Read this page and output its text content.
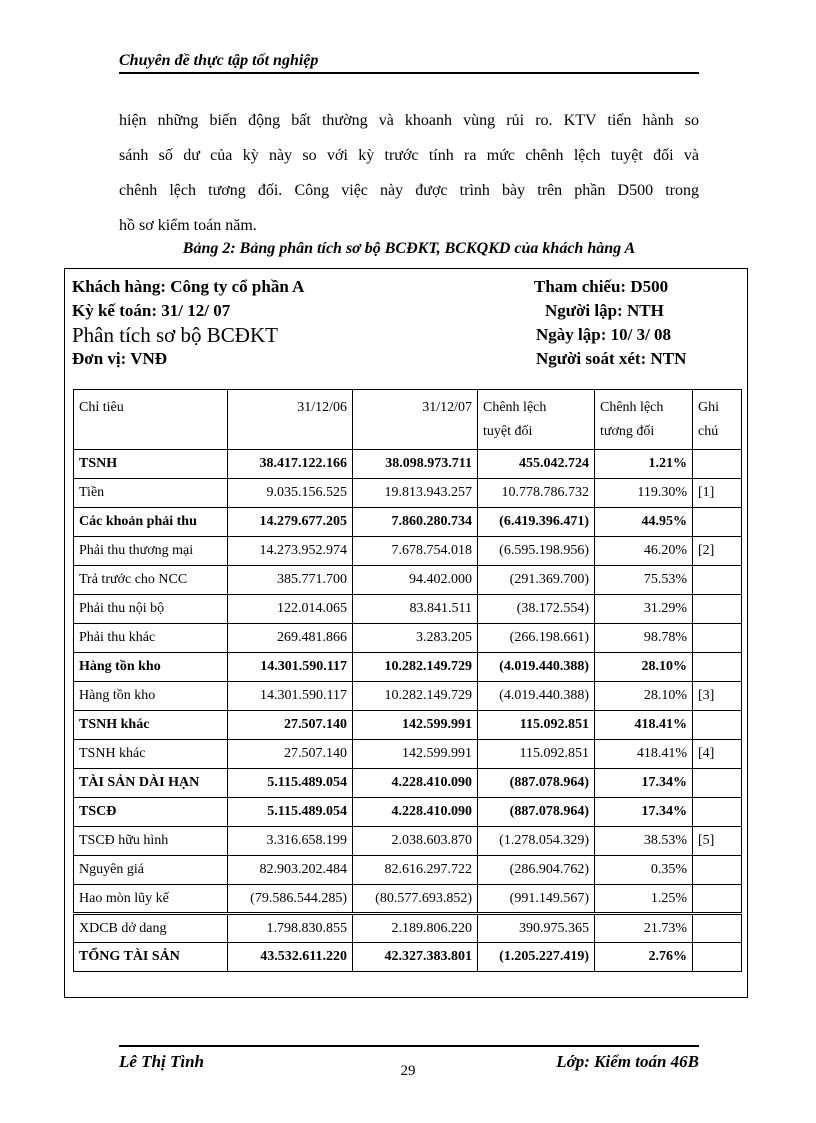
Chuyên đề thực tập tốt nghiệp
hiện những biến động bất thường và khoanh vùng rủi ro. KTV tiến hành so
sánh số dư của kỳ này so với kỳ trước tính ra mức chênh lệch tuyệt đối và
chênh lệch tương đối. Công việc này được trình bày trên phần D500 trong
hồ sơ kiểm toán năm.
Bảng 2: Bảng phân tích sơ bộ BCĐKT, BCKQKD của khách hàng A
Khách hàng: Công ty cổ phần A
Kỳ kế toán: 31/ 12/ 07
Phân tích sơ bộ BCĐKT
Đơn vị: VNĐ
Tham chiếu: D500
Người lập: NTH
Ngày lập: 10/ 3/ 08
Người soát xét: NTN
Chỉ tiêu	31/12/06	31/12/07	Chênh lệch
tuyệt đối	Chênh lệch
tương đối	Ghi
chú
TSNH	38.417.122.166	38.098.973.711	455.042.724	1.21%	
Tiền	9.035.156.525	19.813.943.257	10.778.786.732	119.30%	[1]
Các khoản phải thu	14.279.677.205	7.860.280.734	(6.419.396.471)	44.95%	
Phải thu thương mại	14.273.952.974	7.678.754.018	(6.595.198.956)	46.20%	[2]
Trả trước cho NCC	385.771.700	94.402.000	(291.369.700)	75.53%	
Phải thu nội bộ	122.014.065	83.841.511	(38.172.554)	31.29%	
Phải thu khác	269.481.866	3.283.205	(266.198.661)	98.78%	
Hàng tồn kho	14.301.590.117	10.282.149.729	(4.019.440.388)	28.10%	
Hàng tồn kho	14.301.590.117	10.282.149.729	(4.019.440.388)	28.10%	[3]
TSNH khác	27.507.140	142.599.991	115.092.851	418.41%	
TSNH khác	27.507.140	142.599.991	115.092.851	418.41%	[4]
TÀI SẢN DÀI HẠN	5.115.489.054	4.228.410.090	(887.078.964)	17.34%	
TSCĐ	5.115.489.054	4.228.410.090	(887.078.964)	17.34%	
TSCĐ hữu hình	3.316.658.199	2.038.603.870	(1.278.054.329)	38.53%	[5]
Nguyên giá	82.903.202.484	82.616.297.722	(286.904.762)	0.35%	
Hao mòn lũy kế	(79.586.544.285)	(80.577.693.852)	(991.149.567)	1.25%	
XDCB dở dang	1.798.830.855	2.189.806.220	390.975.365	21.73%	
TỔNG TÀI SẢN	43.532.611.220	42.327.383.801	(1.205.227.419)	2.76%	
Lê Thị Tình	29	Lớp: Kiểm toán 46B
